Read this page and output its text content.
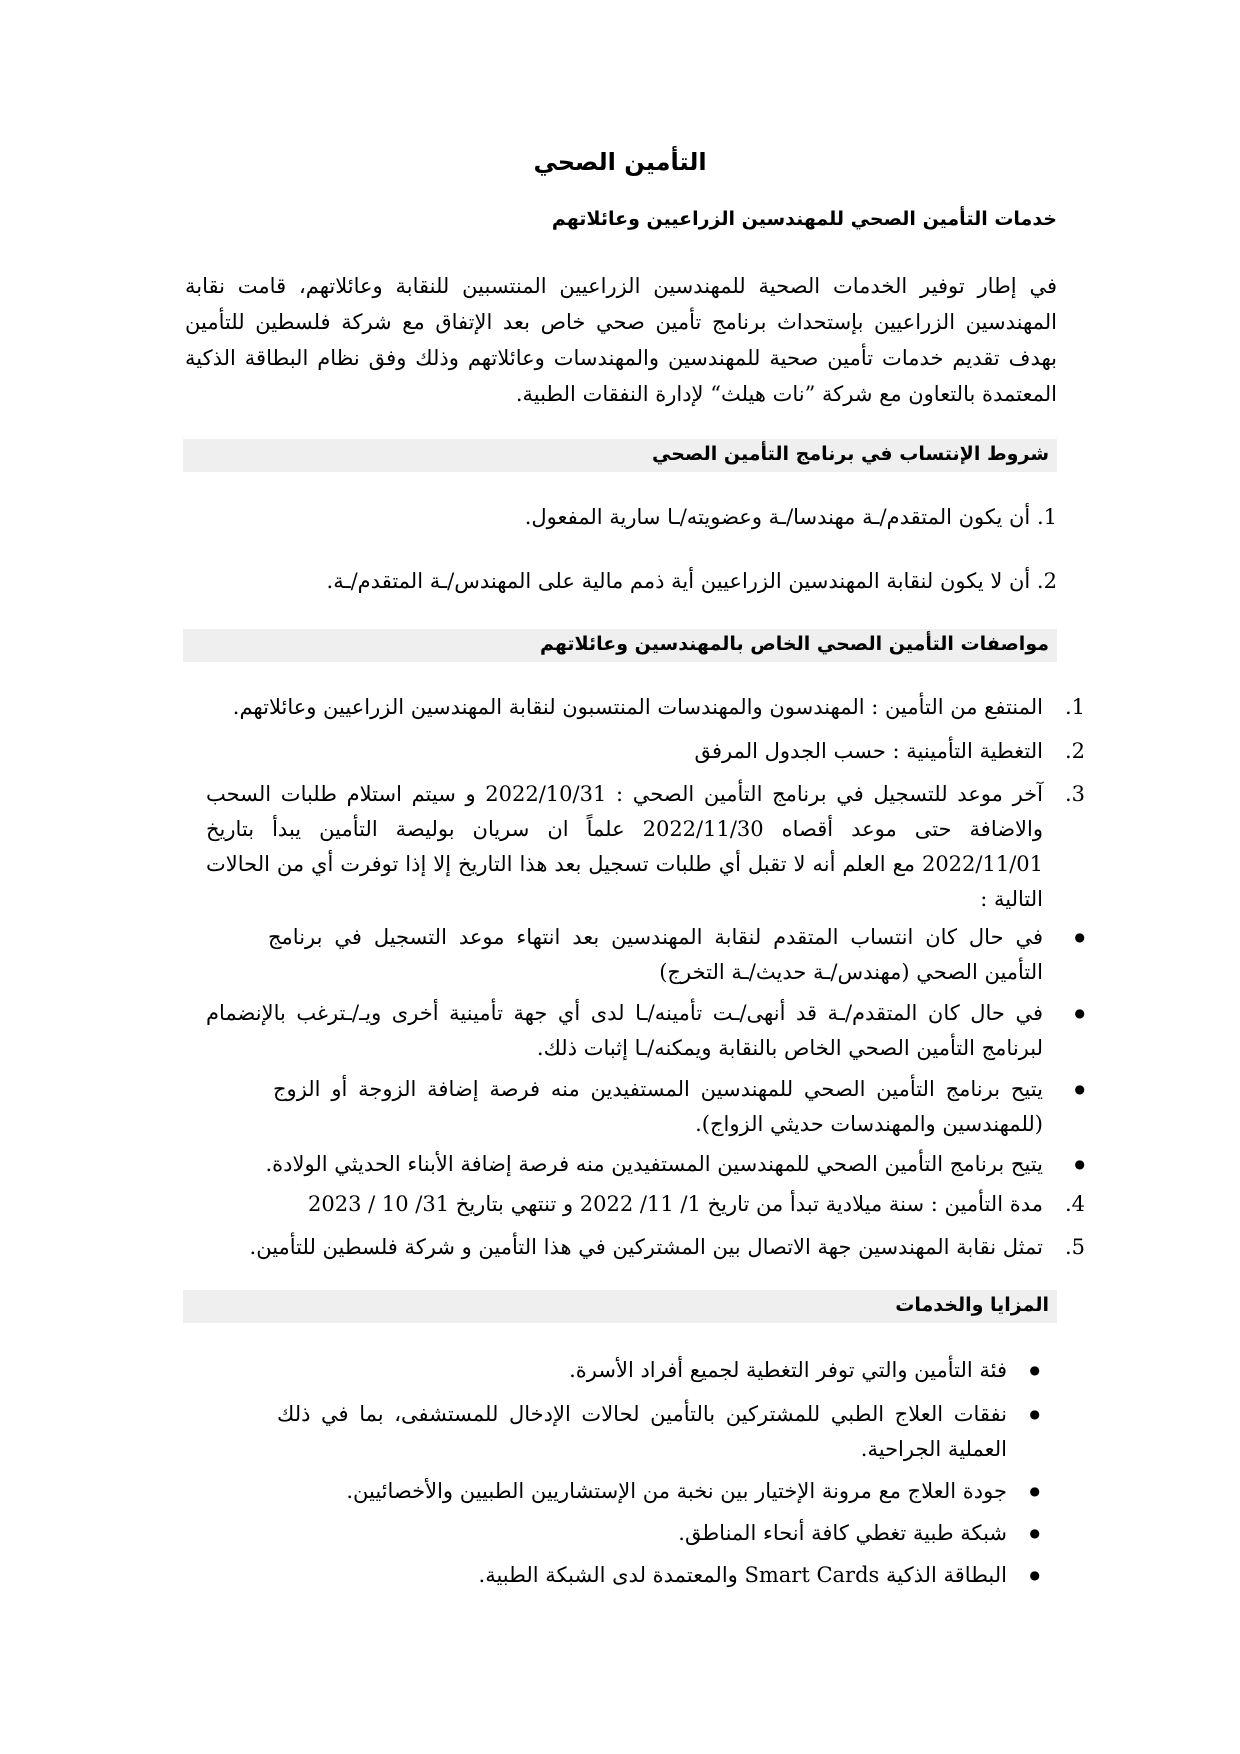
التأمين الصحي
خدمات التأمين الصحي للمهندسين الزراعيين وعائلاتهم
في إطار توفير الخدمات الصحية للمهندسين الزراعيين المنتسبين للنقابة وعائلاتهم، قامت نقابة المهندسين الزراعيين بإستحداث برنامج تأمين صحي خاص بعد الإتفاق مع شركة فلسطين للتأمين بهدف تقديم خدمات تأمين صحية للمهندسين والمهندسات وعائلاتهم وذلك وفق نظام البطاقة الذكية المعتمدة بالتعاون مع شركة ”نات هيلث“ لإدارة النفقات الطبية.
شروط الإنتساب في برنامج التأمين الصحي
1. أن يكون المتقدم/ـة مهندسا/ـة وعضويته/ـا سارية المفعول.
2. أن لا يكون لنقابة المهندسين الزراعيين أية ذمم مالية على المهندس/ـة المتقدم/ـة.
مواصفات التأمين الصحي الخاص بالمهندسين وعائلاتهم
1.
المنتفع من التأمين : المهندسون والمهندسات المنتسبون لنقابة المهندسين الزراعيين وعائلاتهم.
2.
التغطية التأمينية : حسب الجدول المرفق
3.
آخر موعد للتسجيل في برنامج التأمين الصحي : 2022/10/31 و سيتم استلام طلبات السحب والاضافة حتى موعد أقصاه 2022/11/30 علماً ان سريان بوليصة التأمين يبدأ بتاريخ 2022/11/01 مع العلم أنه لا تقبل أي طلبات تسجيل بعد هذا التاريخ إلا إذا توفرت أي من الحالات التالية :
●
في حال كان انتساب المتقدم لنقابة المهندسين بعد انتهاء موعد التسجيل في برنامج التأمين الصحي (مهندس/ـة حديث/ـة التخرج)
●
في حال كان المتقدم/ـة قد أنهى/ـت تأمينه/ـا لدى أي جهة تأمينية أخرى ويـ/ـترغب بالإنضمام لبرنامج التأمين الصحي الخاص بالنقابة ويمكنه/ـا إثبات ذلك.
●
يتيح برنامج التأمين الصحي للمهندسين المستفيدين منه فرصة إضافة الزوجة أو الزوج (للمهندسين والمهندسات حديثي الزواج).
●
يتيح برنامج التأمين الصحي للمهندسين المستفيدين منه فرصة إضافة الأبناء الحديثي الولادة.
4.
مدة التأمين : سنة ميلادية تبدأ من تاريخ 1/ 11/ 2022 و تنتهي بتاريخ 31/ 10 / 2023
5.
تمثل نقابة المهندسين جهة الاتصال بين المشتركين في هذا التأمين و شركة فلسطين للتأمين.
المزايا والخدمات
●
فئة التأمين والتي توفر التغطية لجميع أفراد الأسرة.
●
نفقات العلاج الطبي للمشتركين بالتأمين لحالات الإدخال للمستشفى، بما في ذلك العملية الجراحية.
●
جودة العلاج مع مرونة الإختيار بين نخبة من الإستشاريين الطبيين والأخصائيين.
●
شبكة طبية تغطي كافة أنحاء المناطق.
●
البطاقة الذكية Smart Cards والمعتمدة لدى الشبكة الطبية.
